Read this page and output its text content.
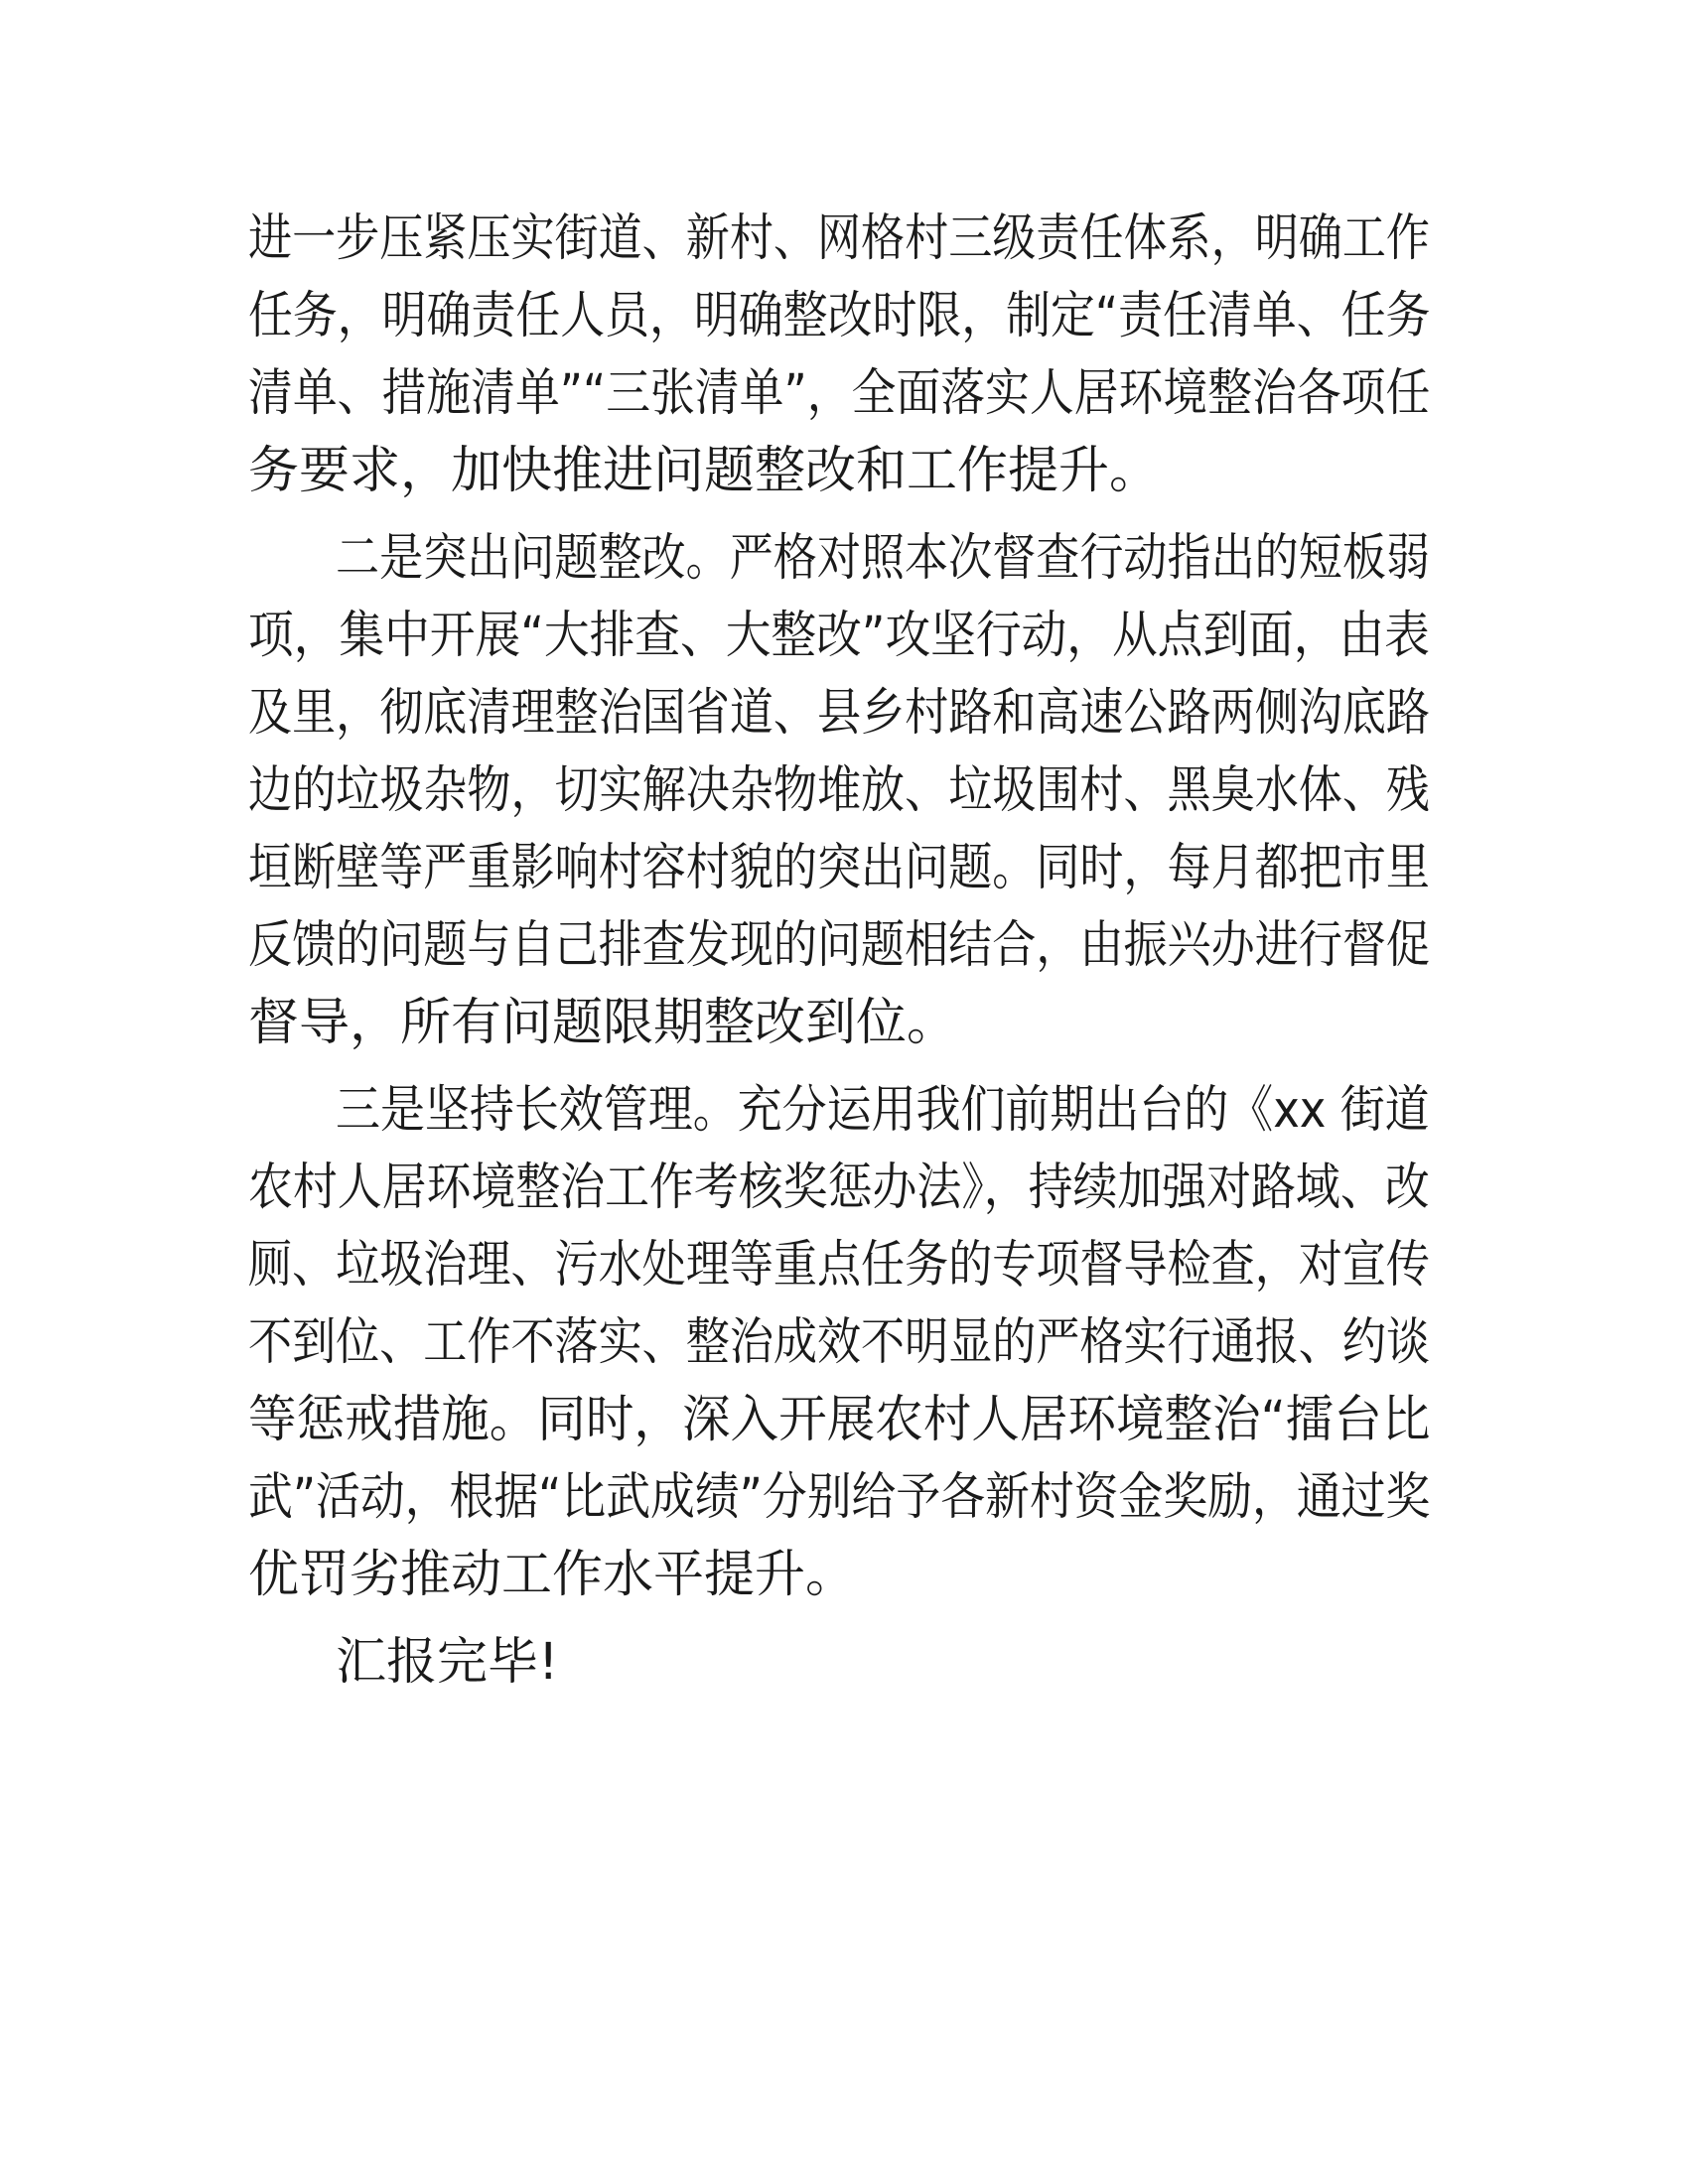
进一步压紧压实街道、新村、网格村三级责任体系，明确工作
任务，明确责任人员，明确整改时限，制定“责任清单、任务
清单、措施清单”“三张清单”，全面落实人居环境整治各项任
务要求，加快推进问题整改和工作提升。
二是突出问题整改。严格对照本次督查行动指出的短板弱
项，集中开展“大排查、大整改”攻坚行动，从点到面，由表
及里，彻底清理整治国省道、县乡村路和高速公路两侧沟底路
边的垃圾杂物，切实解决杂物堆放、垃圾围村、黑臭水体、残
垣断壁等严重影响村容村貌的突出问题。同时，每月都把市里
反馈的问题与自己排查发现的问题相结合，由振兴办进行督促
督导，所有问题限期整改到位。
三是坚持长效管理。充分运用我们前期出台的《xx 街道
农村人居环境整治工作考核奖惩办法》，持续加强对路域、改
厕、垃圾治理、污水处理等重点任务的专项督导检查，对宣传
不到位、工作不落实、整治成效不明显的严格实行通报、约谈
等惩戒措施。同时，深入开展农村人居环境整治“擂台比
武”活动，根据“比武成绩”分别给予各新村资金奖励，通过奖
优罚劣推动工作水平提升。
汇报完毕!
